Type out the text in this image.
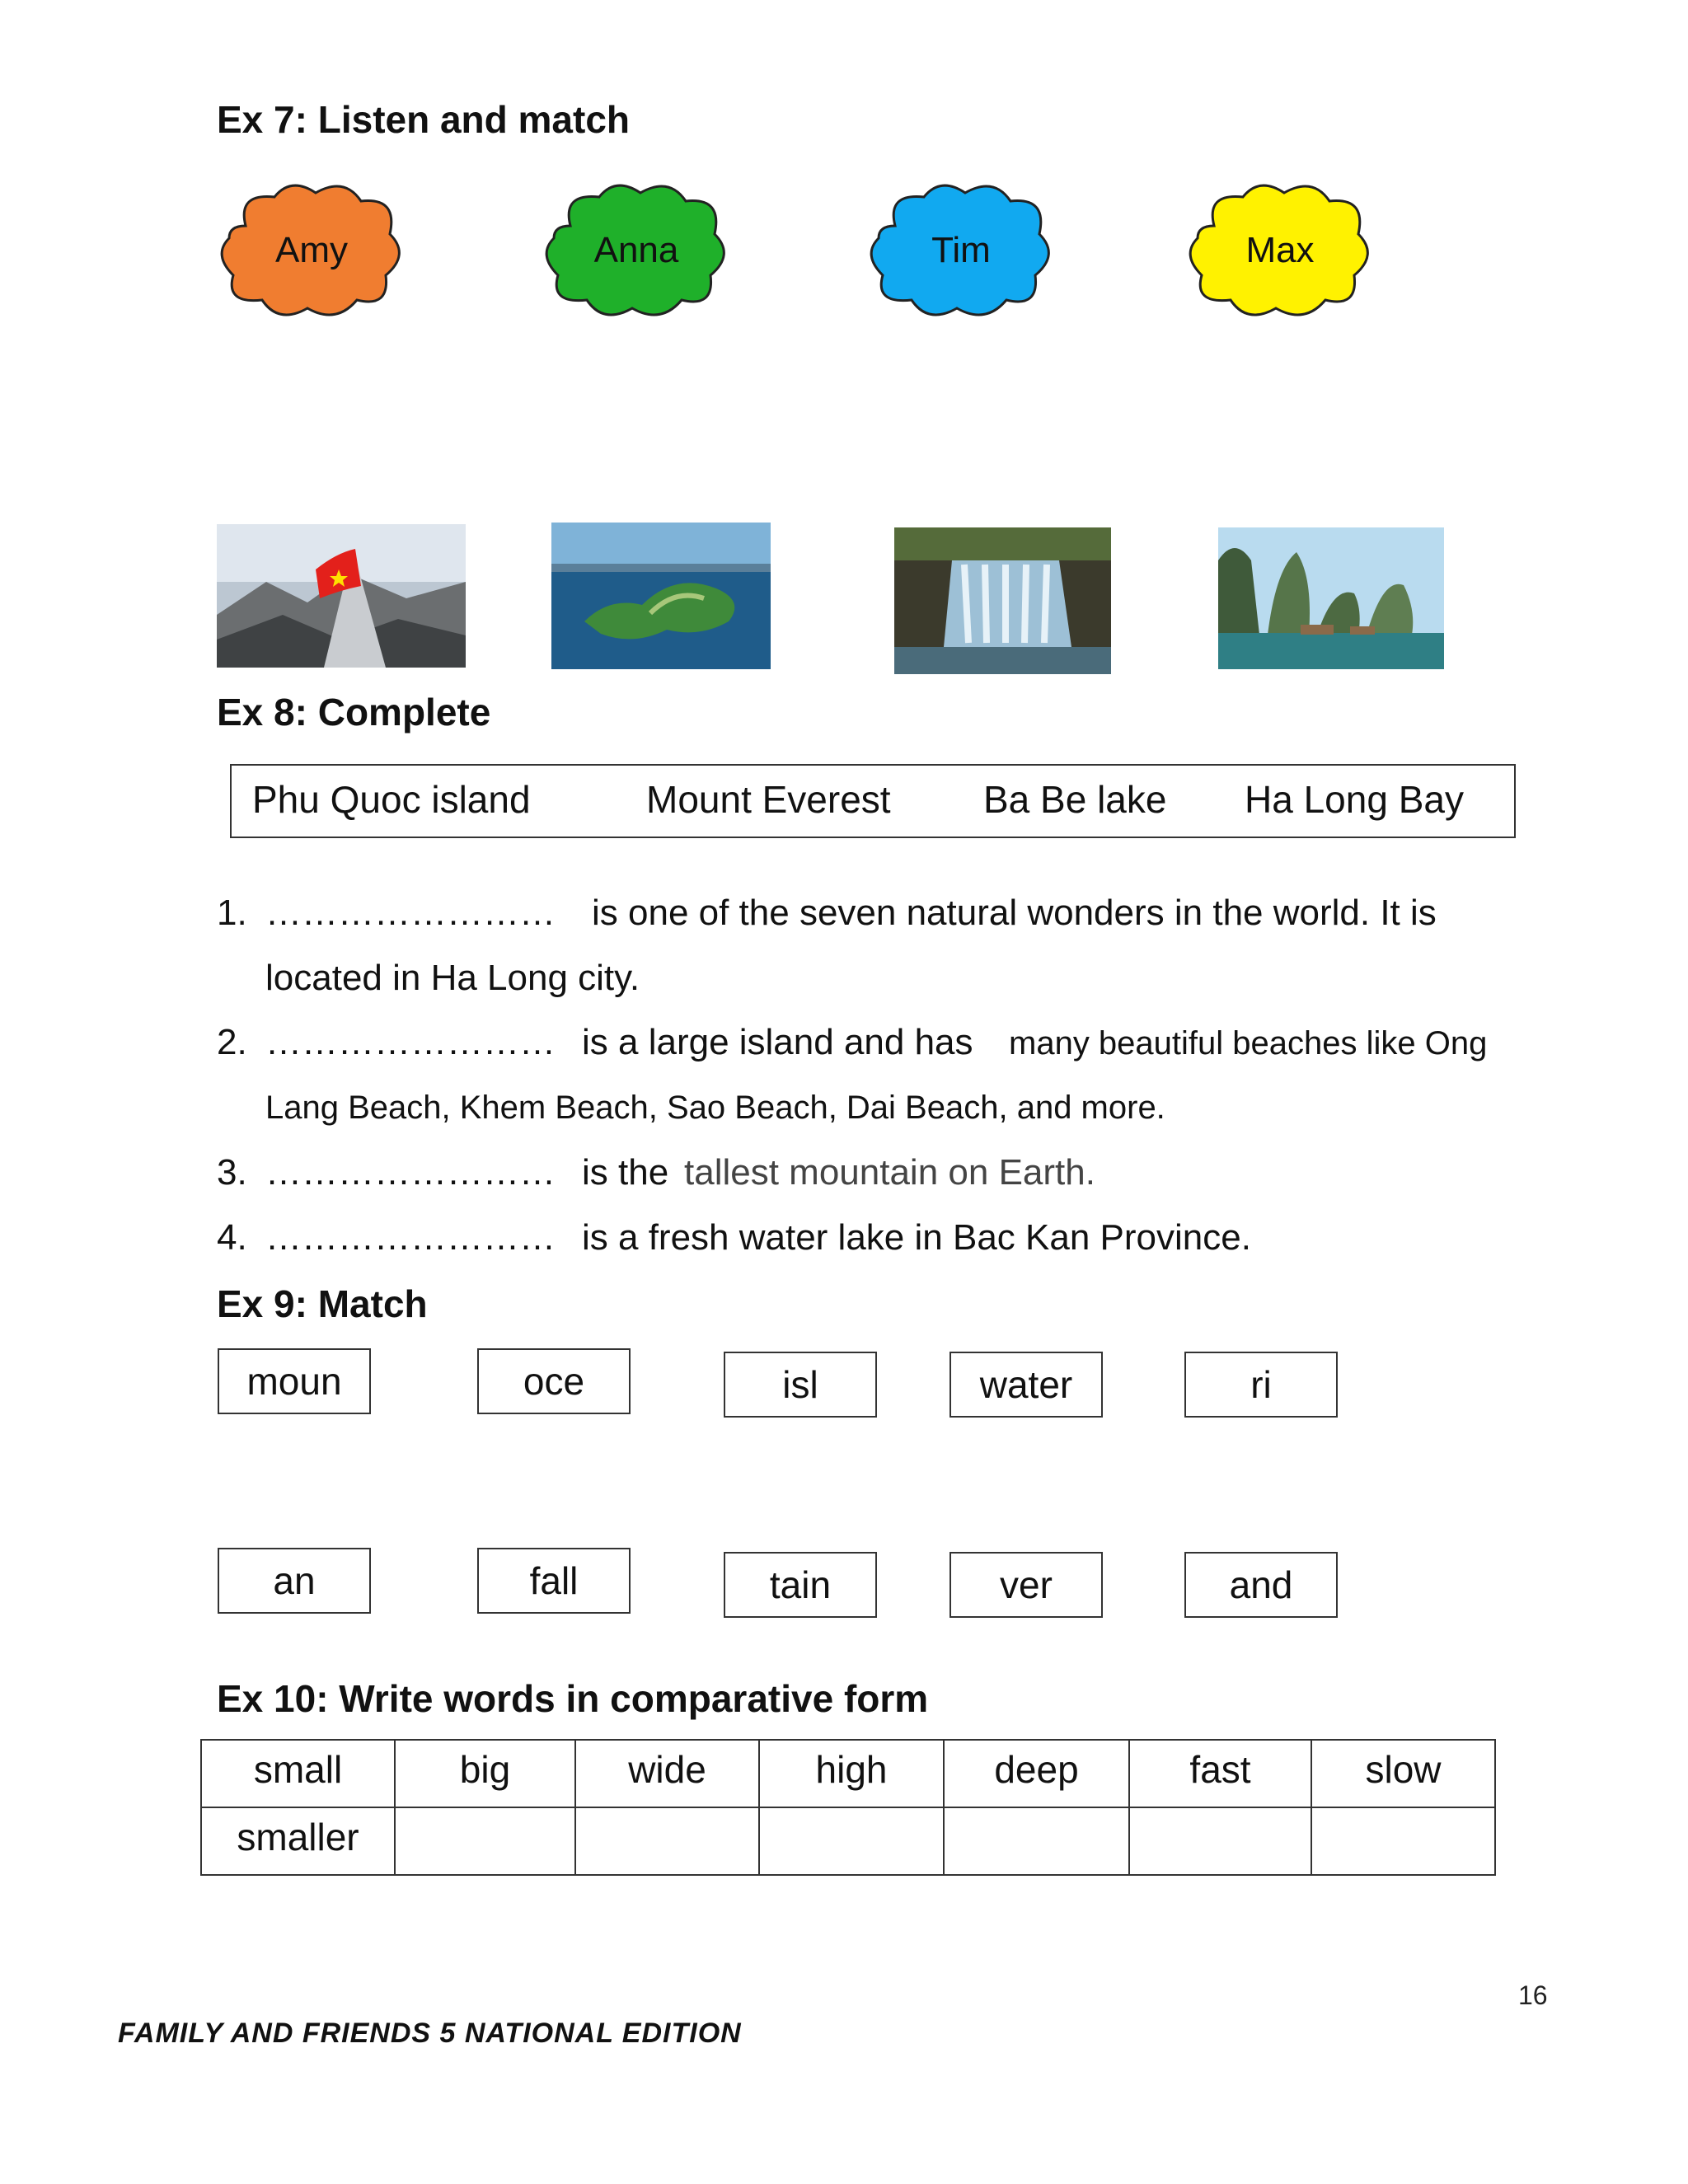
Ex 7: Listen and match
Amy	Anna	Tim	Max
Ex 8: Complete
Phu Quoc island	Mount Everest Ba Be lake Ha Long Bay
1. …………………… is one of the seven natural wonders in the world. It is
located in Ha Long city.
2. …………………… is a large island and has many beautiful beaches like Ong
Lang Beach, Khem Beach, Sao Beach, Dai Beach, and more.
3. …………………… is the tallest mountain on Earth.
4. …………………… is a fresh water lake in Bac Kan Province.
Ex 9: Match
moun	oce	isl	water	ri
an	fall	tain	ver	and
Ex 10: Write words in comparative form
small	big	wide	high	deep	fast	slow
smaller						
16
FAMILY AND FRIENDS 5 NATIONAL EDITION
